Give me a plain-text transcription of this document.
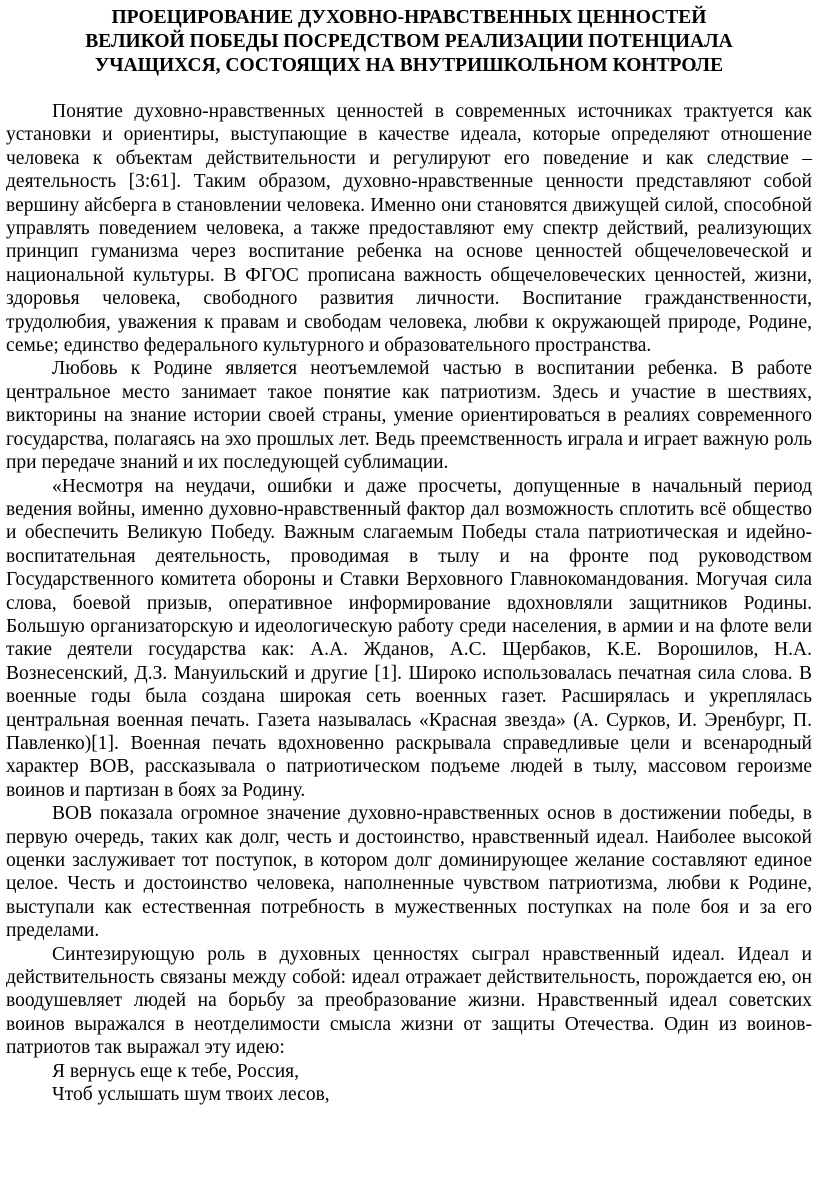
ПРОЕЦИРОВАНИЕ ДУХОВНО-НРАВСТВЕННЫХ ЦЕННОСТЕЙ
ВЕЛИКОЙ ПОБЕДЫ ПОСРЕДСТВОМ РЕАЛИЗАЦИИ ПОТЕНЦИАЛА
УЧАЩИХСЯ, СОСТОЯЩИХ НА ВНУТРИШКОЛЬНОМ КОНТРОЛЕ

Понятие духовно-нравственных ценностей в современных источниках трактуется как установки и ориентиры, выступающие в качестве идеала, которые определяют отношение человека к объектам действительности и регулируют его поведение и как следствие – деятельность [3:61]. Таким образом, духовно-нравственные ценности представляют собой вершину айсберга в становлении человека. Именно они становятся движущей силой, способной управлять поведением человека, а также предоставляют ему спектр действий, реализующих принцип гуманизма через воспитание ребенка на основе ценностей общечеловеческой и национальной культуры. В ФГОС прописана важность общечеловеческих ценностей, жизни, здоровья человека, свободного развития личности. Воспитание гражданственности, трудолюбия, уважения к правам и свободам человека, любви к окружающей природе, Родине, семье; единство федерального культурного и образовательного пространства.

Любовь к Родине является неотъемлемой частью в воспитании ребенка. В работе центральное место занимает такое понятие как патриотизм. Здесь и участие в шествиях, викторины на знание истории своей страны, умение ориентироваться в реалиях современного государства, полагаясь на эхо прошлых лет. Ведь преемственность играла и играет важную роль при передаче знаний и их последующей сублимации.

«Несмотря на неудачи, ошибки и даже просчеты, допущенные в начальный период ведения войны, именно духовно-нравственный фактор дал возможность сплотить всё общество и обеспечить Великую Победу. Важным слагаемым Победы стала патриотическая и идейно-воспитательная деятельность, проводимая в тылу и на фронте под руководством Государственного комитета обороны и Ставки Верховного Главнокомандования. Могучая сила слова, боевой призыв, оперативное информирование вдохновляли защитников Родины. Большую организаторскую и идеологическую работу среди населения, в армии и на флоте вели такие деятели государства как: А.А. Жданов, А.С. Щербаков, К.Е. Ворошилов, Н.А. Вознесенский, Д.З. Мануильский и другие [1]. Широко использовалась печатная сила слова. В военные годы была создана широкая сеть военных газет. Расширялась и укреплялась центральная военная печать. Газета называлась «Красная звезда» (А. Сурков, И. Эренбург, П. Павленко)[1]. Военная печать вдохновенно раскрывала справедливые цели и всенародный характер ВОВ, рассказывала о патриотическом подъеме людей в тылу, массовом героизме воинов и партизан в боях за Родину.

ВОВ показала огромное значение духовно-нравственных основ в достижении победы, в первую очередь, таких как долг, честь и достоинство, нравственный идеал. Наиболее высокой оценки заслуживает тот поступок, в котором долг доминирующее желание составляют единое целое. Честь и достоинство человека, наполненные чувством патриотизма, любви к Родине, выступали как естественная потребность в мужественных поступках на поле боя и за его пределами.

Синтезирующую роль в духовных ценностях сыграл нравственный идеал. Идеал и действительность связаны между собой: идеал отражает действительность, порождается ею, он воодушевляет людей на борьбу за преобразование жизни. Нравственный идеал советских воинов выражался в неотделимости смысла жизни от защиты Отечества. Один из воинов-патриотов так выражал эту идею:

Я вернусь еще к тебе, Россия,
Чтоб услышать шум твоих лесов,
